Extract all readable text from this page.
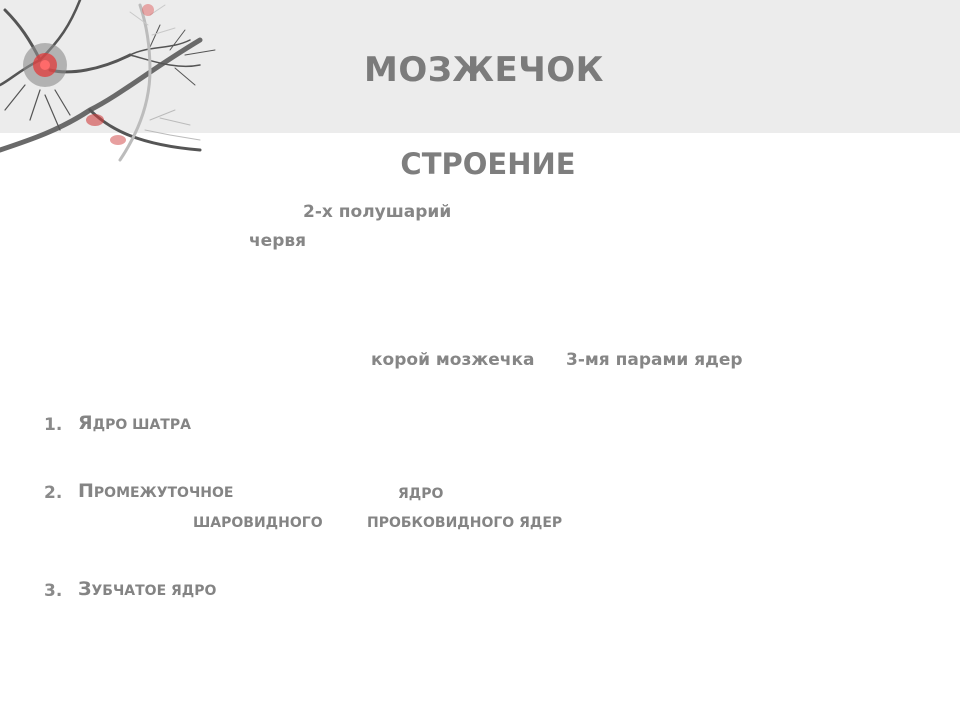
МОЗЖЕЧОК
СТРОЕНИЕ
2-х полушарий
червя
корой мозжечка 3-мя парами ядер
1. ЯДРО ШАТРА
2. ПРОМЕЖУТОЧНОЕ	ЯДРО
ШАРОВИДНОГО	ПРОБКОВИДНОГО ЯДЕР
3. ЗУБЧАТОЕ ЯДРО
